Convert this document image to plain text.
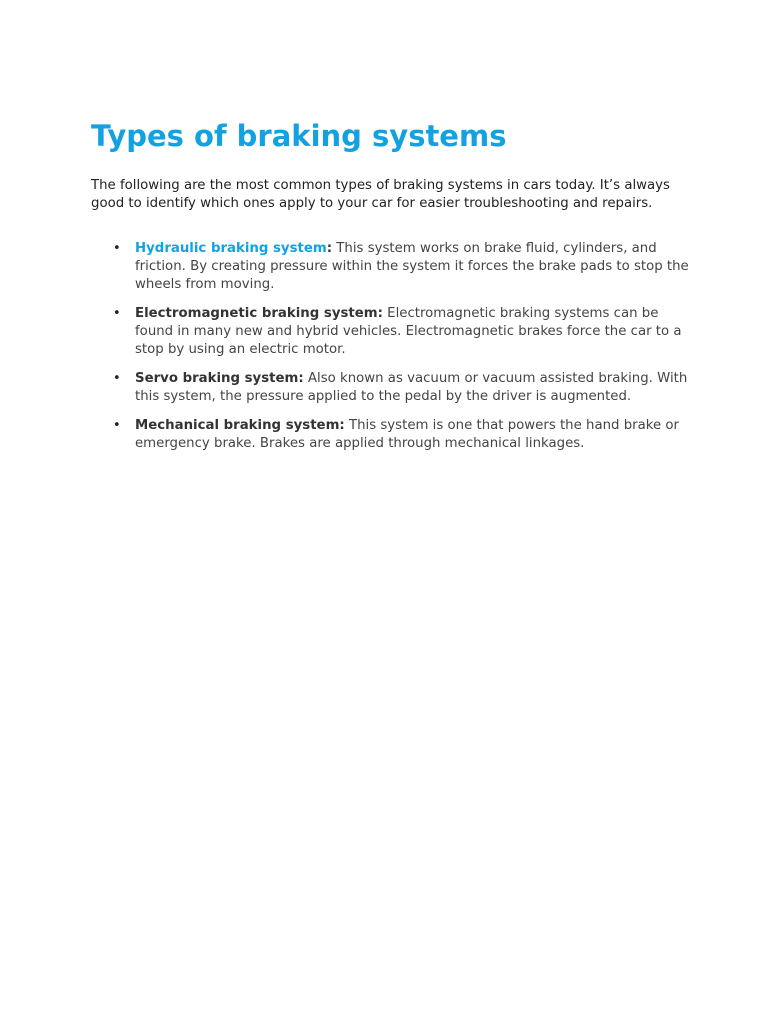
Types of braking systems

The following are the most common types of braking systems in cars today. It’s always good to identify which ones apply to your car for easier troubleshooting and repairs.

• Hydraulic braking system: This system works on brake fluid, cylinders, and friction. By creating pressure within the system it forces the brake pads to stop the wheels from moving.
• Electromagnetic braking system: Electromagnetic braking systems can be found in many new and hybrid vehicles. Electromagnetic brakes force the car to a stop by using an electric motor.
• Servo braking system: Also known as vacuum or vacuum assisted braking. With this system, the pressure applied to the pedal by the driver is augmented.
• Mechanical braking system: This system is one that powers the hand brake or emergency brake. Brakes are applied through mechanical linkages.
